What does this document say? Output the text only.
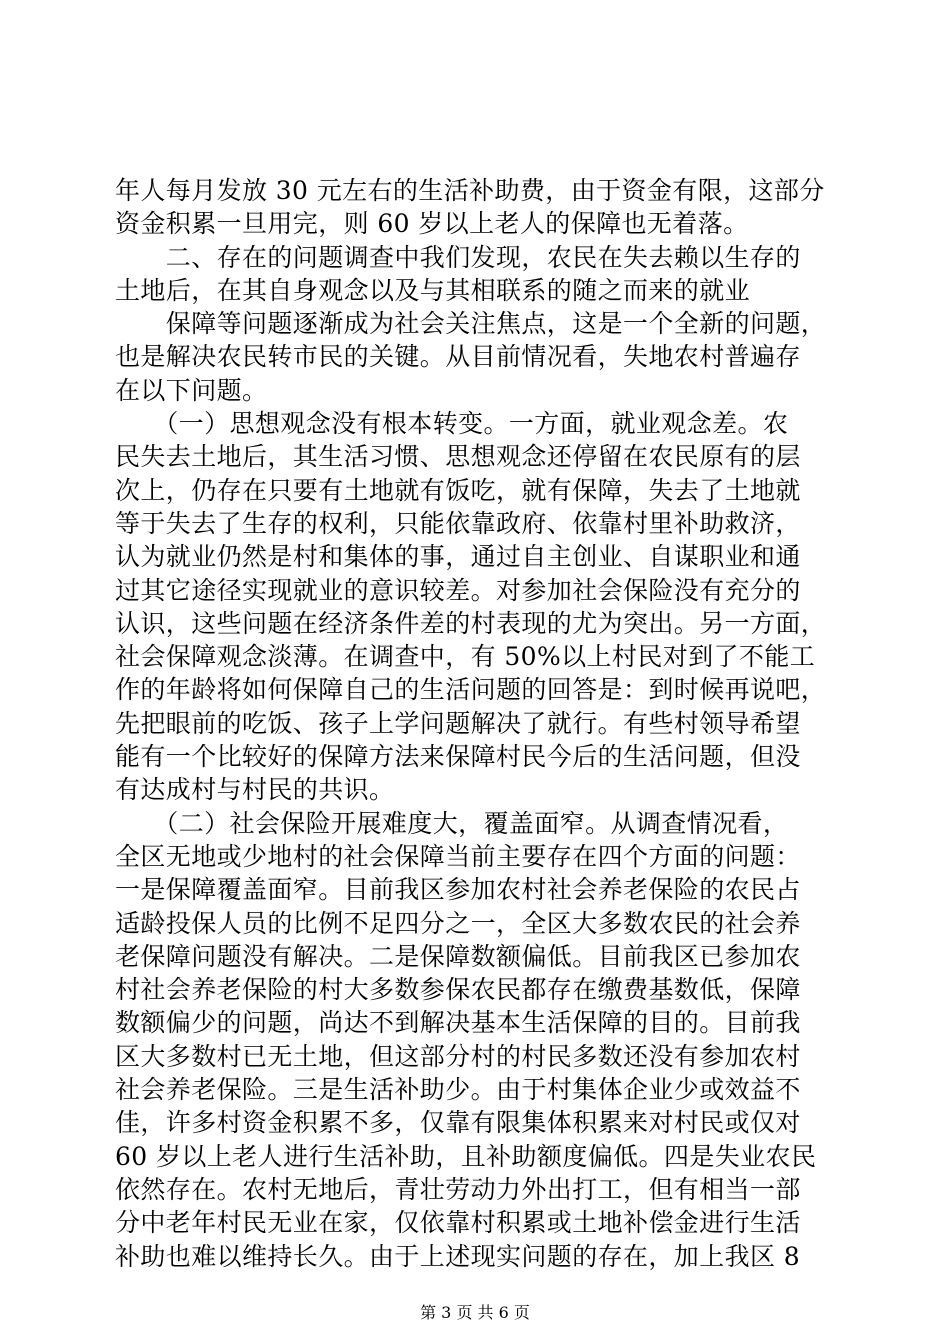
年人每月发放 30 元左右的生活补助费，由于资金有限，这部分
资金积累一旦用完，则 60 岁以上老人的保障也无着落。
　　二、存在的问题调查中我们发现，农民在失去赖以生存的
土地后，在其自身观念以及与其相联系的随之而来的就业
　　保障等问题逐渐成为社会关注焦点，这是一个全新的问题，
也是解决农民转市民的关键。从目前情况看，失地农村普遍存
在以下问题。
　　（一）思想观念没有根本转变。一方面，就业观念差。农
民失去土地后，其生活习惯、思想观念还停留在农民原有的层
次上，仍存在只要有土地就有饭吃，就有保障，失去了土地就
等于失去了生存的权利，只能依靠政府、依靠村里补助救济，
认为就业仍然是村和集体的事，通过自主创业、自谋职业和通
过其它途径实现就业的意识较差。对参加社会保险没有充分的
认识，这些问题在经济条件差的村表现的尤为突出。另一方面，
社会保障观念淡薄。在调查中，有 50%以上村民对到了不能工
作的年龄将如何保障自己的生活问题的回答是：到时候再说吧，
先把眼前的吃饭、孩子上学问题解决了就行。有些村领导希望
能有一个比较好的保障方法来保障村民今后的生活问题，但没
有达成村与村民的共识。
　　（二）社会保险开展难度大，覆盖面窄。从调查情况看，
全区无地或少地村的社会保障当前主要存在四个方面的问题：
一是保障覆盖面窄。目前我区参加农村社会养老保险的农民占
适龄投保人员的比例不足四分之一，全区大多数农民的社会养
老保障问题没有解决。二是保障数额偏低。目前我区已参加农
村社会养老保险的村大多数参保农民都存在缴费基数低，保障
数额偏少的问题，尚达不到解决基本生活保障的目的。目前我
区大多数村已无土地，但这部分村的村民多数还没有参加农村
社会养老保险。三是生活补助少。由于村集体企业少或效益不
佳，许多村资金积累不多，仅靠有限集体积累来对村民或仅对
60 岁以上老人进行生活补助，且补助额度偏低。四是失业农民
依然存在。农村无地后，青壮劳动力外出打工，但有相当一部
分中老年村民无业在家，仅依靠村积累或土地补偿金进行生活
补助也难以维持长久。由于上述现实问题的存在，加上我区 8
第 3 页 共 6 页
